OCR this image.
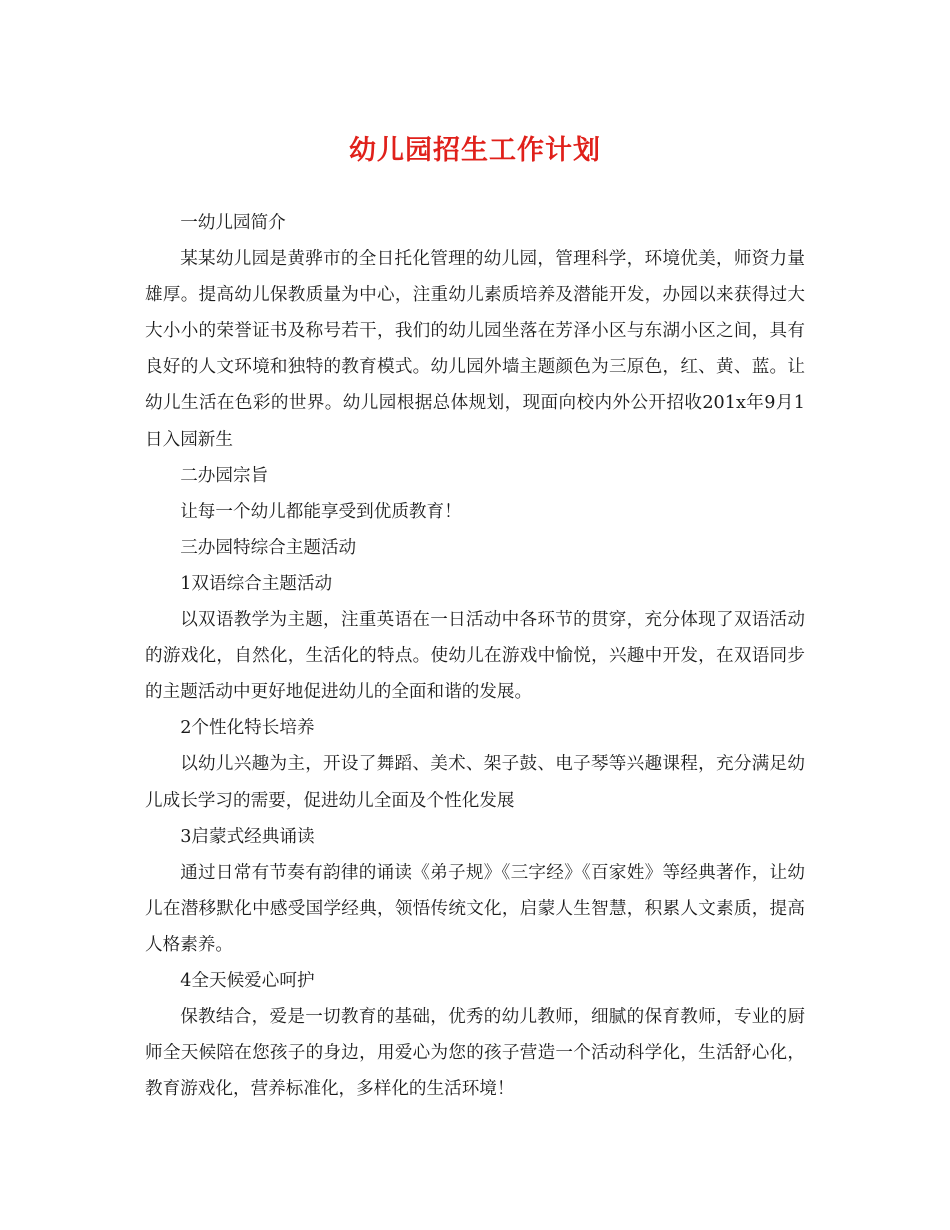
幼儿园招生工作计划

一幼儿园简介

某某幼儿园是黄骅市的全日托化管理的幼儿园，管理科学，环境优美，师资力量雄厚。提高幼儿保教质量为中心，注重幼儿素质培养及潜能开发，办园以来获得过大大小小的荣誉证书及称号若干，我们的幼儿园坐落在芳泽小区与东湖小区之间，具有良好的人文环境和独特的教育模式。幼儿园外墙主题颜色为三原色，红、黄、蓝。让幼儿生活在色彩的世界。幼儿园根据总体规划，现面向校内外公开招收201x年9月1日入园新生

二办园宗旨

让每一个幼儿都能享受到优质教育！

三办园特综合主题活动

1双语综合主题活动

以双语教学为主题，注重英语在一日活动中各环节的贯穿，充分体现了双语活动的游戏化，自然化，生活化的特点。使幼儿在游戏中愉悦，兴趣中开发，在双语同步的主题活动中更好地促进幼儿的全面和谐的发展。

2个性化特长培养

以幼儿兴趣为主，开设了舞蹈、美术、架子鼓、电子琴等兴趣课程，充分满足幼儿成长学习的需要，促进幼儿全面及个性化发展

3启蒙式经典诵读

通过日常有节奏有韵律的诵读《弟子规》《三字经》《百家姓》等经典著作，让幼儿在潜移默化中感受国学经典，领悟传统文化，启蒙人生智慧，积累人文素质，提高人格素养。

4全天候爱心呵护

保教结合，爱是一切教育的基础，优秀的幼儿教师，细腻的保育教师，专业的厨师全天候陪在您孩子的身边，用爱心为您的孩子营造一个活动科学化，生活舒心化，教育游戏化，营养标准化，多样化的生活环境！
